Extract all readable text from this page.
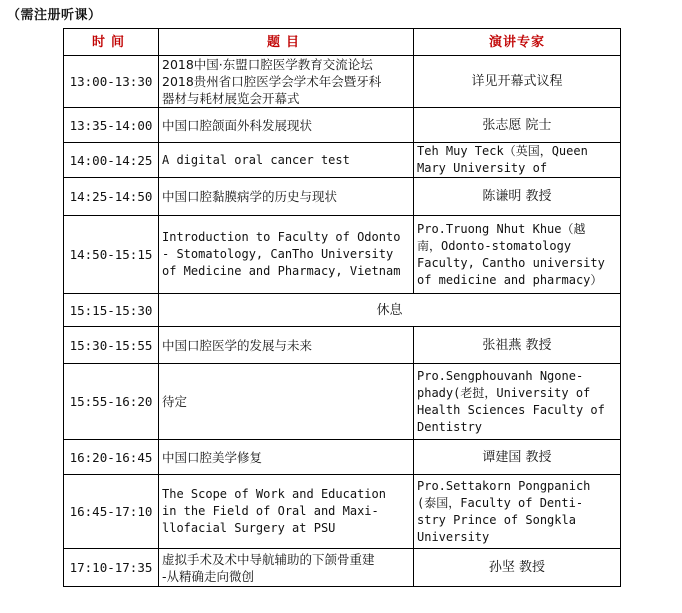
（需注册听课）
时间	题目	演讲专家
13:00-13:30	2018中国·东盟口腔医学教育交流论坛
2018贵州省口腔医学会学术年会暨牙科
器材与耗材展览会开幕式	详见开幕式议程

13:35-14:00	中国口腔颌面外科发展现状	张志愿 院士

14:00-14:25	A digital oral cancer test	Teh Muy Teck（英国，Queen
Mary University of

14:25-14:50	中国口腔黏膜病学的历史与现状	陈谦明 教授

14:50-15:15	Introduction to Faculty of Odonto
- Stomatology, CanTho University
of Medicine and Pharmacy, Vietnam	Pro.Truong Nhut Khue（越
南，Odonto-stomatology
Faculty, Cantho university
of medicine and pharmacy）

15:15-15:30	休息	
15:30-15:55	中国口腔医学的发展与未来	张祖燕 教授

15:55-16:20	待定	Pro.Sengphouvanh Ngone-
phady(老挝，University of
Health Sciences Faculty of
Dentistry

16:20-16:45	中国口腔美学修复	谭建国 教授

16:45-17:10	The Scope of Work and Education
in the Field of Oral and Maxi-
llofacial Surgery at PSU	Pro.Settakorn Pongpanich
(泰国，Faculty of Denti-
stry Prince of Songkla
University

17:10-17:35	虚拟手术及术中导航辅助的下颌骨重建
-从精确走向微创	孙坚 教授
